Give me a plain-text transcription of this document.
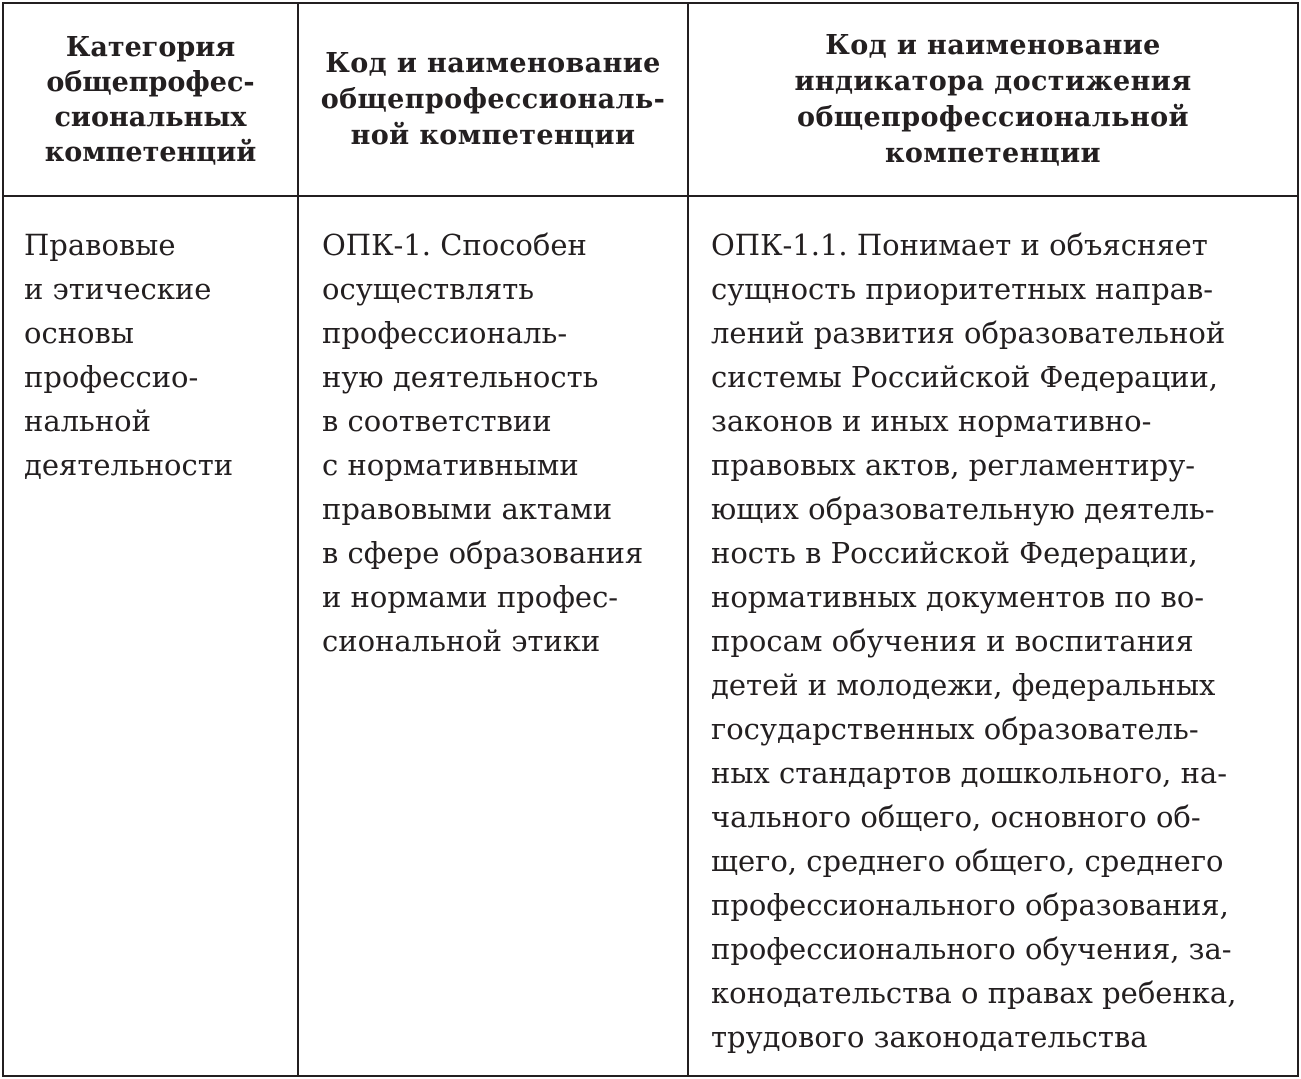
Категория
общепрофес-
сиональных
компетенций
Код и наименование
общепрофессиональ-
ной компетенции
Код и наименование
индикатора достижения
общепрофессиональной
компетенции
Правовые
и этические
основы
профессио-
нальной
деятельности
ОПК-1. Способен
осуществлять
профессиональ-
ную деятельность
в соответствии
с нормативными
правовыми актами
в сфере образования
и нормами профес-
сиональной этики
ОПК-1.1. Понимает и объясняет
сущность приоритетных направ-
лений развития образовательной
системы Российской Федерации,
законов и иных нормативно-
правовых актов, регламентиру-
ющих образовательную деятель-
ность в Российской Федерации,
нормативных документов по во-
просам обучения и воспитания
детей и молодежи, федеральных
государственных образователь-
ных стандартов дошкольного, на-
чального общего, основного об-
щего, среднего общего, среднего
профессионального образования,
профессионального обучения, за-
конодательства о правах ребенка,
трудового законодательства
